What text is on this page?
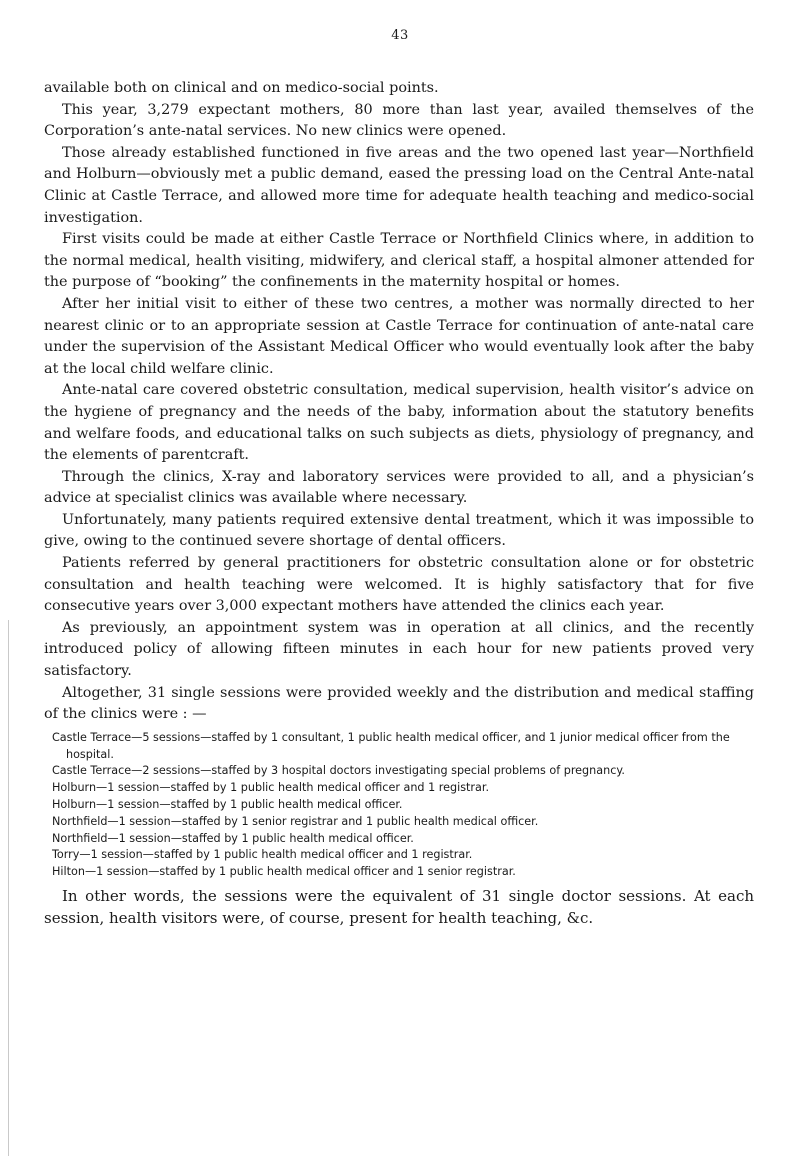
43

available both on clinical and on medico-social points.

This year, 3,279 expectant mothers, 80 more than last year, availed themselves of the Corporation’s ante-natal services. No new clinics were opened.

Those already established functioned in five areas and the two opened last year—Northfield and Holburn—obviously met a public demand, eased the pressing load on the Central Ante-natal Clinic at Castle Terrace, and allowed more time for adequate health teaching and medico-social investigation.

First visits could be made at either Castle Terrace or Northfield Clinics where, in addition to the normal medical, health visiting, midwifery, and clerical staff, a hospital almoner attended for the purpose of “booking” the confinements in the maternity hospital or homes.

After her initial visit to either of these two centres, a mother was normally directed to her nearest clinic or to an appropriate session at Castle Terrace for continuation of ante-natal care under the supervision of the Assistant Medical Officer who would eventually look after the baby at the local child welfare clinic.

Ante-natal care covered obstetric consultation, medical supervision, health visitor’s advice on the hygiene of pregnancy and the needs of the baby, information about the statutory benefits and welfare foods, and educational talks on such subjects as diets, physiology of pregnancy, and the elements of parentcraft.

Through the clinics, X-ray and laboratory services were provided to all, and a physician’s advice at specialist clinics was available where necessary.

Unfortunately, many patients required extensive dental treatment, which it was impossible to give, owing to the continued severe shortage of dental officers.

Patients referred by general practitioners for obstetric consultation alone or for obstetric consultation and health teaching were welcomed. It is highly satisfactory that for five consecutive years over 3,000 expectant mothers have attended the clinics each year.

As previously, an appointment system was in operation at all clinics, and the recently introduced policy of allowing fifteen minutes in each hour for new patients proved very satisfactory.

Altogether, 31 single sessions were provided weekly and the distribution and medical staffing of the clinics were : —

Castle Terrace—5 sessions—staffed by 1 consultant, 1 public health medical officer, and 1 junior medical officer from the hospital.

Castle Terrace—2 sessions—staffed by 3 hospital doctors investigating special problems of pregnancy.

Holburn—1 session—staffed by 1 public health medical officer and 1 registrar.

Holburn—1 session—staffed by 1 public health medical officer.

Northfield—1 session—staffed by 1 senior registrar and 1 public health medical officer.

Northfield—1 session—staffed by 1 public health medical officer.

Torry—1 session—staffed by 1 public health medical officer and 1 registrar.

Hilton—1 session—staffed by 1 public health medical officer and 1 senior registrar.

In other words, the sessions were the equivalent of 31 single doctor sessions. At each session, health visitors were, of course, present for health teaching, &c.
